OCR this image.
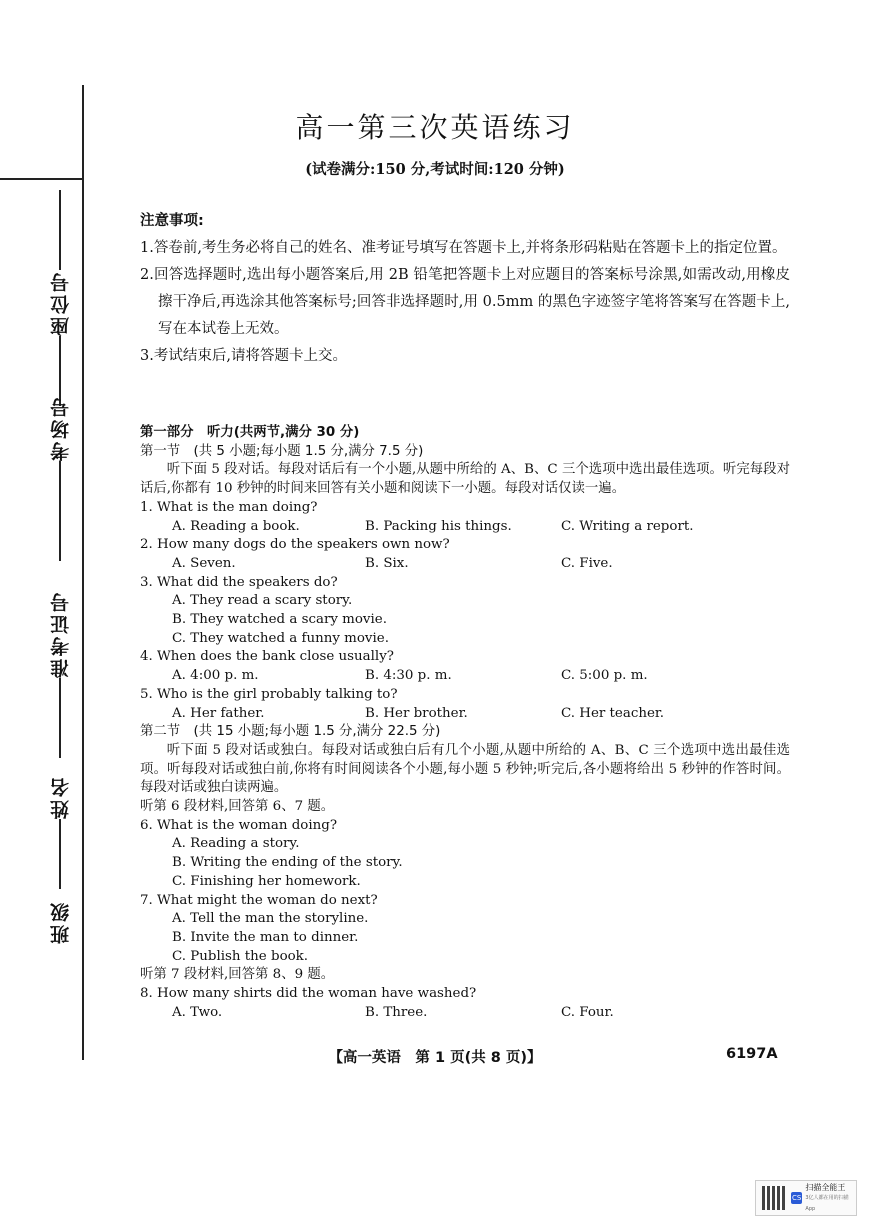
座位号
考场号
准考证号
姓名
班级
高一第三次英语练习
(试卷满分:150 分,考试时间:120 分钟)
注意事项:
1.答卷前,考生务必将自己的姓名、准考证号填写在答题卡上,并将条形码粘贴在答题卡上的指定位置。
2.回答选择题时,选出每小题答案后,用 2B 铅笔把答题卡上对应题目的答案标号涂黑,如需改动,用橡皮擦干净后,再选涂其他答案标号;回答非选择题时,用 0.5mm 的黑色字迹签字笔将答案写在答题卡上,写在本试卷上无效。
3.考试结束后,请将答题卡上交。
第一部分　听力(共两节,满分 30 分)
第一节　(共 5 小题;每小题 1.5 分,满分 7.5 分)
听下面 5 段对话。每段对话后有一个小题,从题中所给的 A、B、C 三个选项中选出最佳选项。听完每段对话后,你都有 10 秒钟的时间来回答有关小题和阅读下一小题。每段对话仅读一遍。
1. What is the man doing?
A. Reading a book.	B. Packing his things.	C. Writing a report.
2. How many dogs do the speakers own now?
A. Seven.	B. Six.	C. Five.
3. What did the speakers do?
A. They read a scary story.
B. They watched a scary movie.
C. They watched a funny movie.
4. When does the bank close usually?
A. 4:00 p. m.	B. 4:30 p. m.	C. 5:00 p. m.
5. Who is the girl probably talking to?
A. Her father.	B. Her brother.	C. Her teacher.
第二节　(共 15 小题;每小题 1.5 分,满分 22.5 分)
听下面 5 段对话或独白。每段对话或独白后有几个小题,从题中所给的 A、B、C 三个选项中选出最佳选项。听每段对话或独白前,你将有时间阅读各个小题,每小题 5 秒钟;听完后,各小题将给出 5 秒钟的作答时间。每段对话或独白读两遍。
听第 6 段材料,回答第 6、7 题。
6. What is the woman doing?
A. Reading a story.
B. Writing the ending of the story.
C. Finishing her homework.
7. What might the woman do next?
A. Tell the man the storyline.
B. Invite the man to dinner.
C. Publish the book.
听第 7 段材料,回答第 8、9 题。
8. How many shirts did the woman have washed?
A. Two.	B. Three.	C. Four.
【高一英语　第 1 页(共 8 页)】	6197A
CS
扫描全能王
3亿人都在用的扫描App
